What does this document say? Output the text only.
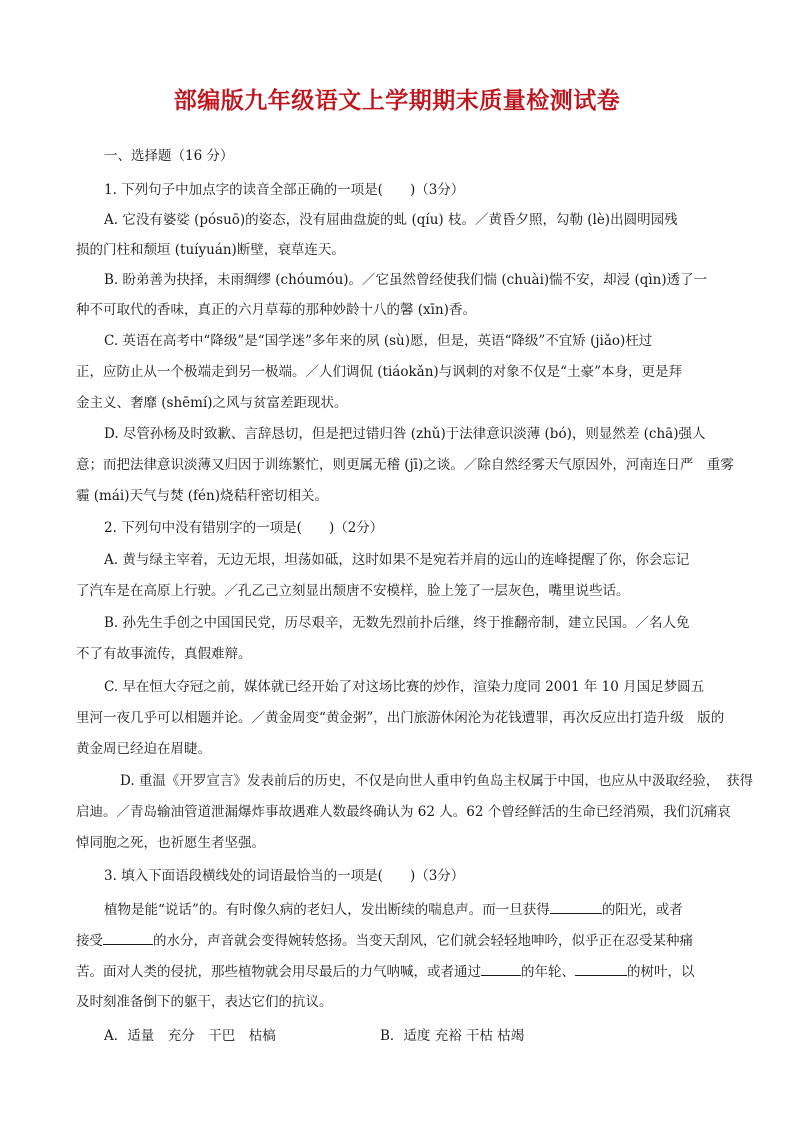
部编版九年级语文上学期期末质量检测试卷
一、选择题（16 分）
1. 下列句子中加点字的读音全部正确的一项是(　　)（3分）
A. 它没有婆娑 (pósuō)的姿态，没有屈曲盘旋的虬 (qíu) 枝。／黄昏夕照，勾勒 (lè)出圆明园残
损的门柱和颓垣 (tuíyuán)断壁，衰草连天。
B. 盼弟善为抉择，未雨绸缪 (chóumóu)。／它虽然曾经使我们惴 (chuài)惴不安，却浸 (qìn)透了一
种不可取代的香味，真正的六月草莓的那种妙龄十八的馨 (xīn)香。
C. 英语在高考中“降级”是“国学迷”多年来的夙 (sù)愿，但是，英语“降级”不宜矫 (jiǎo)枉过
正，应防止从一个极端走到另一极端。／人们调侃 (tiáokǎn)与讽刺的对象不仅是“土豪”本身，更是拜
金主义、奢靡 (shēmí)之风与贫富差距现状。
D. 尽管孙杨及时致歉、言辞恳切，但是把过错归咎 (zhǔ)于法律意识淡薄 (bó)，则显然差 (chā)强人
意；而把法律意识淡薄又归因于训练繁忙，则更属无稽 (jī)之谈。／除自然经雾天气原因外，河南连日严　重雾
霾 (mái)天气与焚 (fén)烧秸秆密切相关。
2. 下列句中没有错别字的一项是(　　)（2分）
A. 黄与绿主宰着，无边无垠，坦荡如砥，这时如果不是宛若并肩的远山的连峰提醒了你，你会忘记
了汽车是在高原上行驶。／孔乙己立刻显出颓唐不安模样，脸上笼了一层灰色，嘴里说些话。
B. 孙先生手创之中国国民党，历尽艰辛，无数先烈前扑后继，终于推翻帝制，建立民国。／名人免
不了有故事流传，真假难辩。
C. 早在恒大夺冠之前，媒体就已经开始了对这场比赛的炒作，渲染力度同 2001 年 10 月国足梦圆五
里河一夜几乎可以相题并论。／黄金周变“黄金粥”，出门旅游休闲沦为花钱遭罪，再次反应出打造升级　版的
黄金周已经迫在眉睫。
D. 重温《开罗宣言》发表前后的历史，不仅是向世人重申钓鱼岛主权属于中国，也应从中汲取经验，　获得
启迪。／青岛输油管道泄漏爆炸事故遇难人数最终确认为 62 人。62 个曾经鲜活的生命已经消殒，我们沉痛哀
悼同胞之死，也祈愿生者坚强。
3. 填入下面语段横线处的词语最恰当的一项是(　　)（3分）
植物是能“说话”的。有时像久病的老妇人，发出断续的喘息声。而一旦获得	的阳光，或者
接受	的水分，声音就会变得婉转悠扬。当变天刮风，它们就会轻轻地呻吟，似乎正在忍受某种痛
苦。面对人类的侵扰，那些植物就会用尽最后的力气呐喊，或者通过	的年轮、	的树叶，以
及时刻准备倒下的躯干，表达它们的抗议。
A．适量　充分　干巴　枯槁	B．适度 充裕 干枯 枯竭
